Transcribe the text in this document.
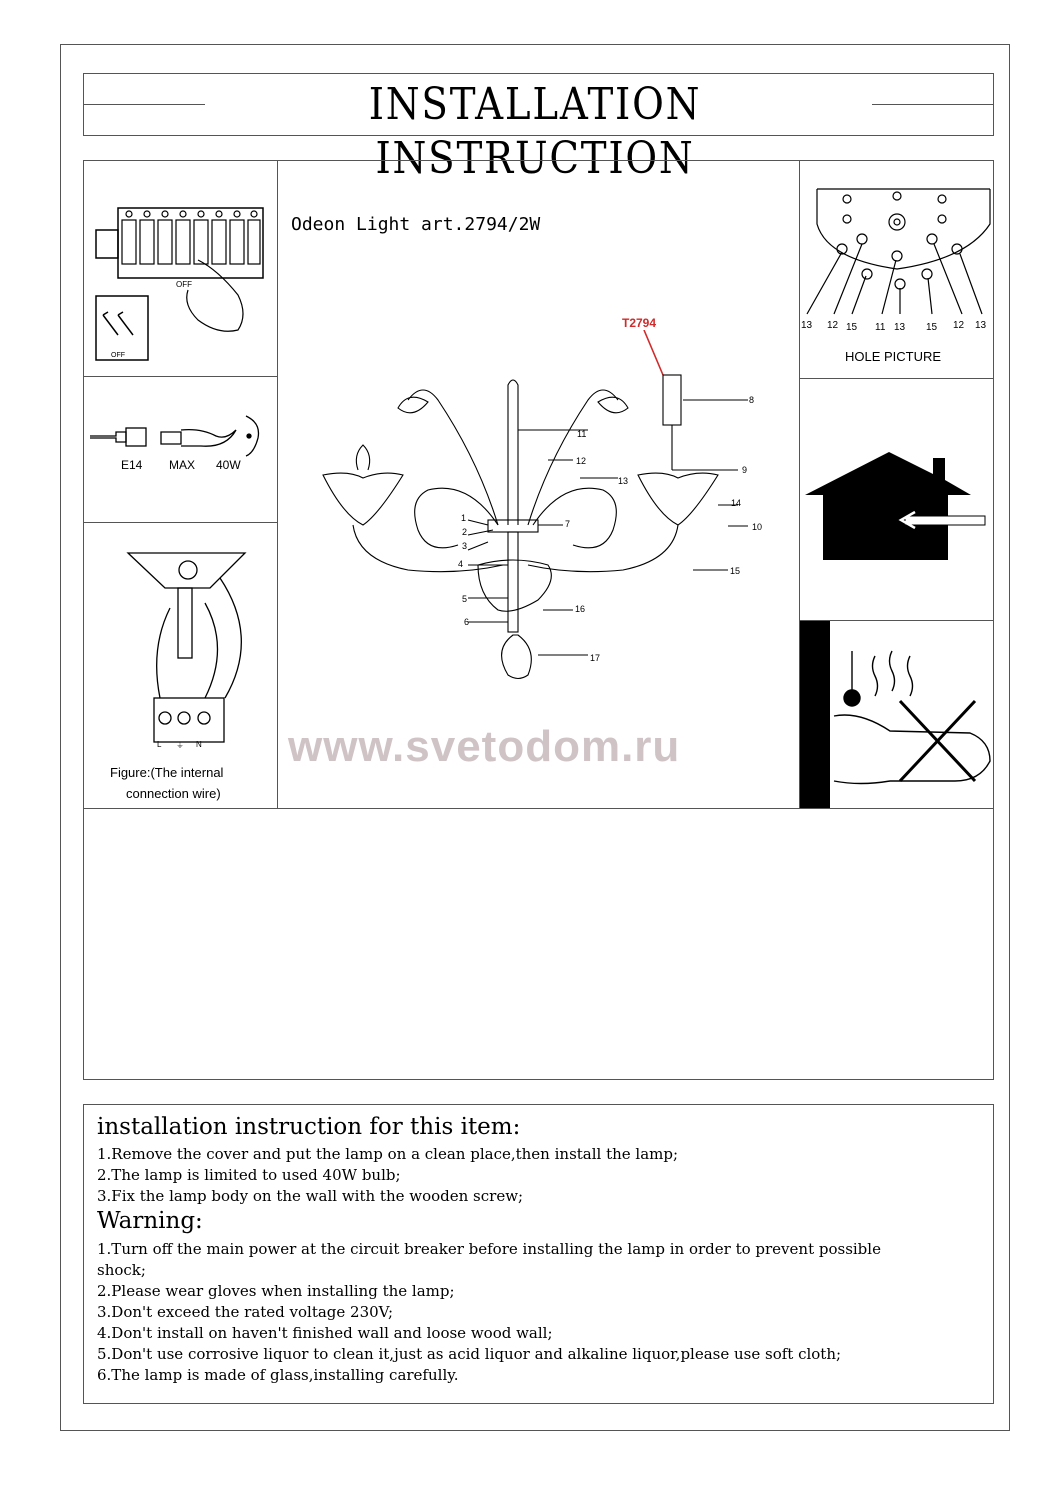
INSTALLATION INSTRUCTION
OFF
OFF
E14 MAX 40W
L ⏚ N
Figure:(The internal
connection wire)
Odeon Light art.2794/2W
T2794
1
2
3
4
5
6
7
8
9
10
11
12
13
14
15
16
17
www.svetodom.ru
13 12 15 11 13 15 12 13
HOLE PICTURE
installation instruction for this item:
1.Remove the cover and put the lamp on a clean place,then install the lamp;
2.The lamp is limited to used 40W bulb;
3.Fix the lamp body on the wall with the wooden screw;
Warning:
1.Turn off the main power at the circuit breaker before installing the lamp in order to prevent possible
shock;
2.Please wear gloves when installing the lamp;
3.Don't exceed the rated voltage 230V;
4.Don't install on haven't finished wall and loose wood wall;
5.Don't use corrosive liquor to clean it,just as acid liquor and alkaline liquor,please use soft cloth;
6.The lamp is made of glass,installing carefully.
